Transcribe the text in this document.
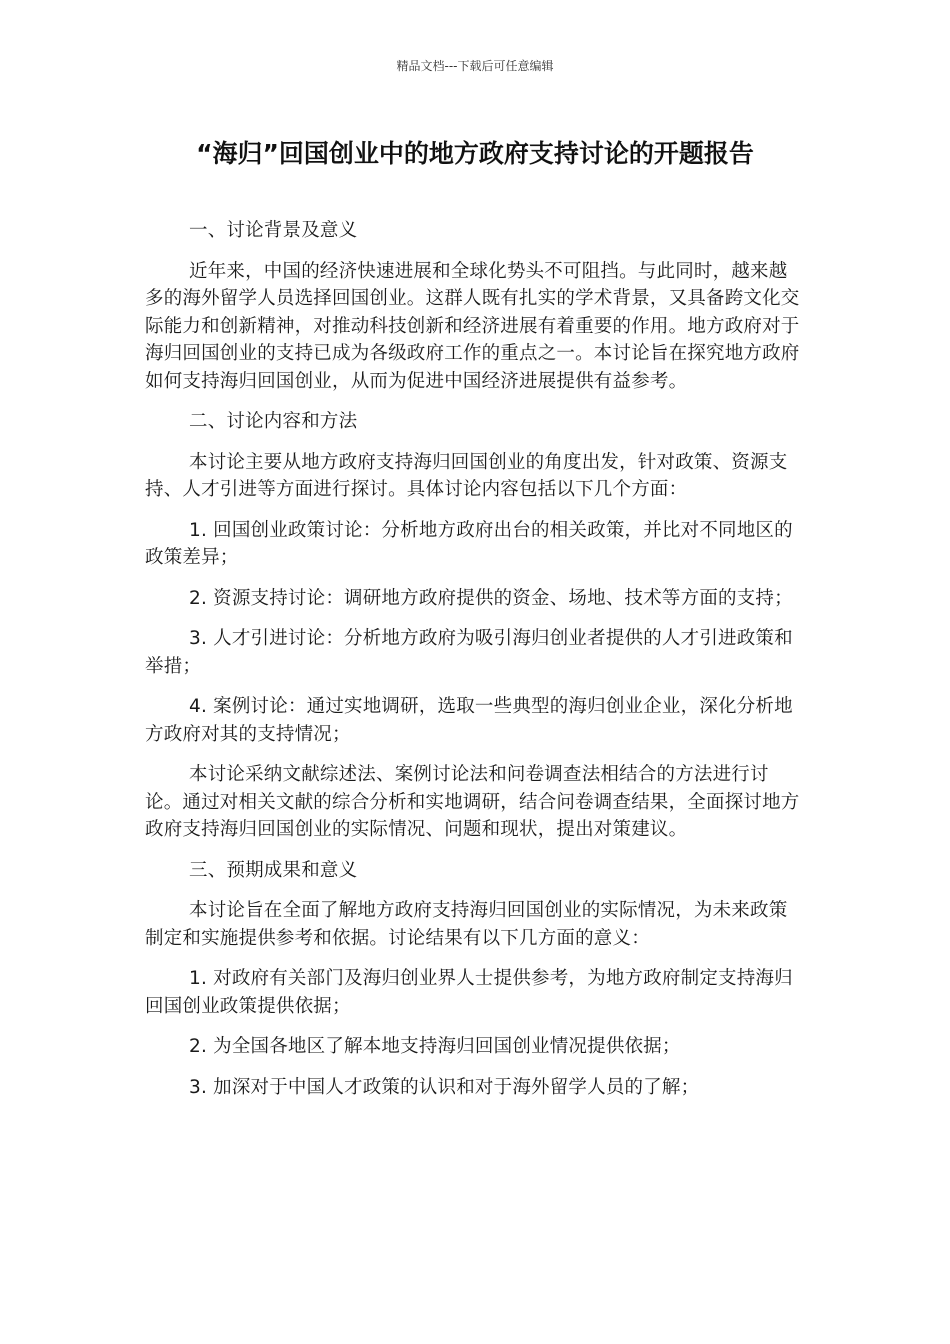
精品文档---下载后可任意编辑
“海归”回国创业中的地方政府支持讨论的开题报告

一、讨论背景及意义

近年来，中国的经济快速进展和全球化势头不可阻挡。与此同时，越来越多的海外留学人员选择回国创业。这群人既有扎实的学术背景，又具备跨文化交际能力和创新精神，对推动科技创新和经济进展有着重要的作用。地方政府对于海归回国创业的支持已成为各级政府工作的重点之一。本讨论旨在探究地方政府如何支持海归回国创业，从而为促进中国经济进展提供有益参考。

二、讨论内容和方法

本讨论主要从地方政府支持海归回国创业的角度出发，针对政策、资源支持、人才引进等方面进行探讨。具体讨论内容包括以下几个方面：

1. 回国创业政策讨论：分析地方政府出台的相关政策，并比对不同地区的政策差异；

2. 资源支持讨论：调研地方政府提供的资金、场地、技术等方面的支持；

3. 人才引进讨论：分析地方政府为吸引海归创业者提供的人才引进政策和举措；

4. 案例讨论：通过实地调研，选取一些典型的海归创业企业，深化分析地方政府对其的支持情况；

本讨论采纳文献综述法、案例讨论法和问卷调查法相结合的方法进行讨论。通过对相关文献的综合分析和实地调研，结合问卷调查结果，全面探讨地方政府支持海归回国创业的实际情况、问题和现状，提出对策建议。

三、预期成果和意义

本讨论旨在全面了解地方政府支持海归回国创业的实际情况，为未来政策制定和实施提供参考和依据。讨论结果有以下几方面的意义：

1. 对政府有关部门及海归创业界人士提供参考，为地方政府制定支持海归回国创业政策提供依据；

2. 为全国各地区了解本地支持海归回国创业情况提供依据；

3. 加深对于中国人才政策的认识和对于海外留学人员的了解；
